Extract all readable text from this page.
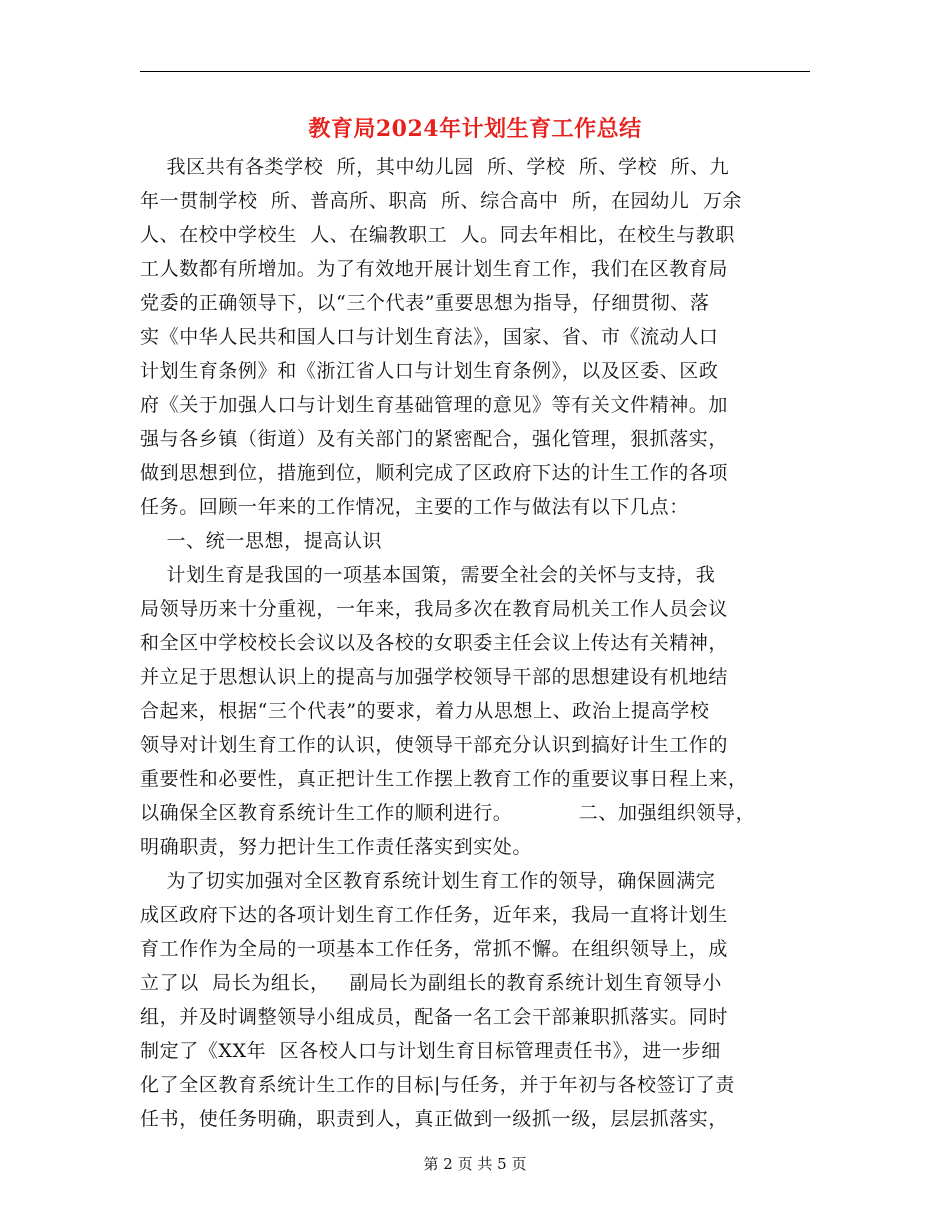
教育局2024年计划生育工作总结
我区共有各类学校  所，其中幼儿园  所、学校  所、学校  所、九
年一贯制学校  所、普高所、职高  所、综合高中  所，在园幼儿  万余
人、在校中学校生  人、在编教职工  人。同去年相比，在校生与教职
工人数都有所增加。为了有效地开展计划生育工作，我们在区教育局
党委的正确领导下，以“三个代表”重要思想为指导，仔细贯彻、落
实《中华人民共和国人口与计划生育法》，国家、省、市《流动人口
计划生育条例》和《浙江省人口与计划生育条例》，以及区委、区政
府《关于加强人口与计划生育基础管理的意见》等有关文件精神。加
强与各乡镇（街道）及有关部门的紧密配合，强化管理，狠抓落实，
做到思想到位，措施到位，顺利完成了区政府下达的计生工作的各项
任务。回顾一年来的工作情况，主要的工作与做法有以下几点：
一、统一思想，提高认识
计划生育是我国的一项基本国策，需要全社会的关怀与支持，我
局领导历来十分重视，一年来，我局多次在教育局机关工作人员会议
和全区中学校校长会议以及各校的女职委主任会议上传达有关精神，
并立足于思想认识上的提高与加强学校领导干部的思想建设有机地结
合起来，根据“三个代表”的要求，着力从思想上、政治上提高学校
领导对计划生育工作的认识，使领导干部充分认识到搞好计生工作的
重要性和必要性，真正把计生工作摆上教育工作的重要议事日程上来，
以确保全区教育系统计生工作的顺利进行。          二、加强组织领导，
明确职责，努力把计生工作责任落实到实处。
为了切实加强对全区教育系统计划生育工作的领导，确保圆满完
成区政府下达的各项计划生育工作任务，近年来，我局一直将计划生
育工作作为全局的一项基本工作任务，常抓不懈。在组织领导上，成
立了以  局长为组长，   副局长为副组长的教育系统计划生育领导小
组，并及时调整领导小组成员，配备一名工会干部兼职抓落实。同时
制定了《XX年  区各校人口与计划生育目标管理责任书》，进一步细
化了全区教育系统计生工作的目标|与任务，并于年初与各校签订了责
任书，使任务明确，职责到人，真正做到一级抓一级，层层抓落实，
第 2 页 共 5 页
